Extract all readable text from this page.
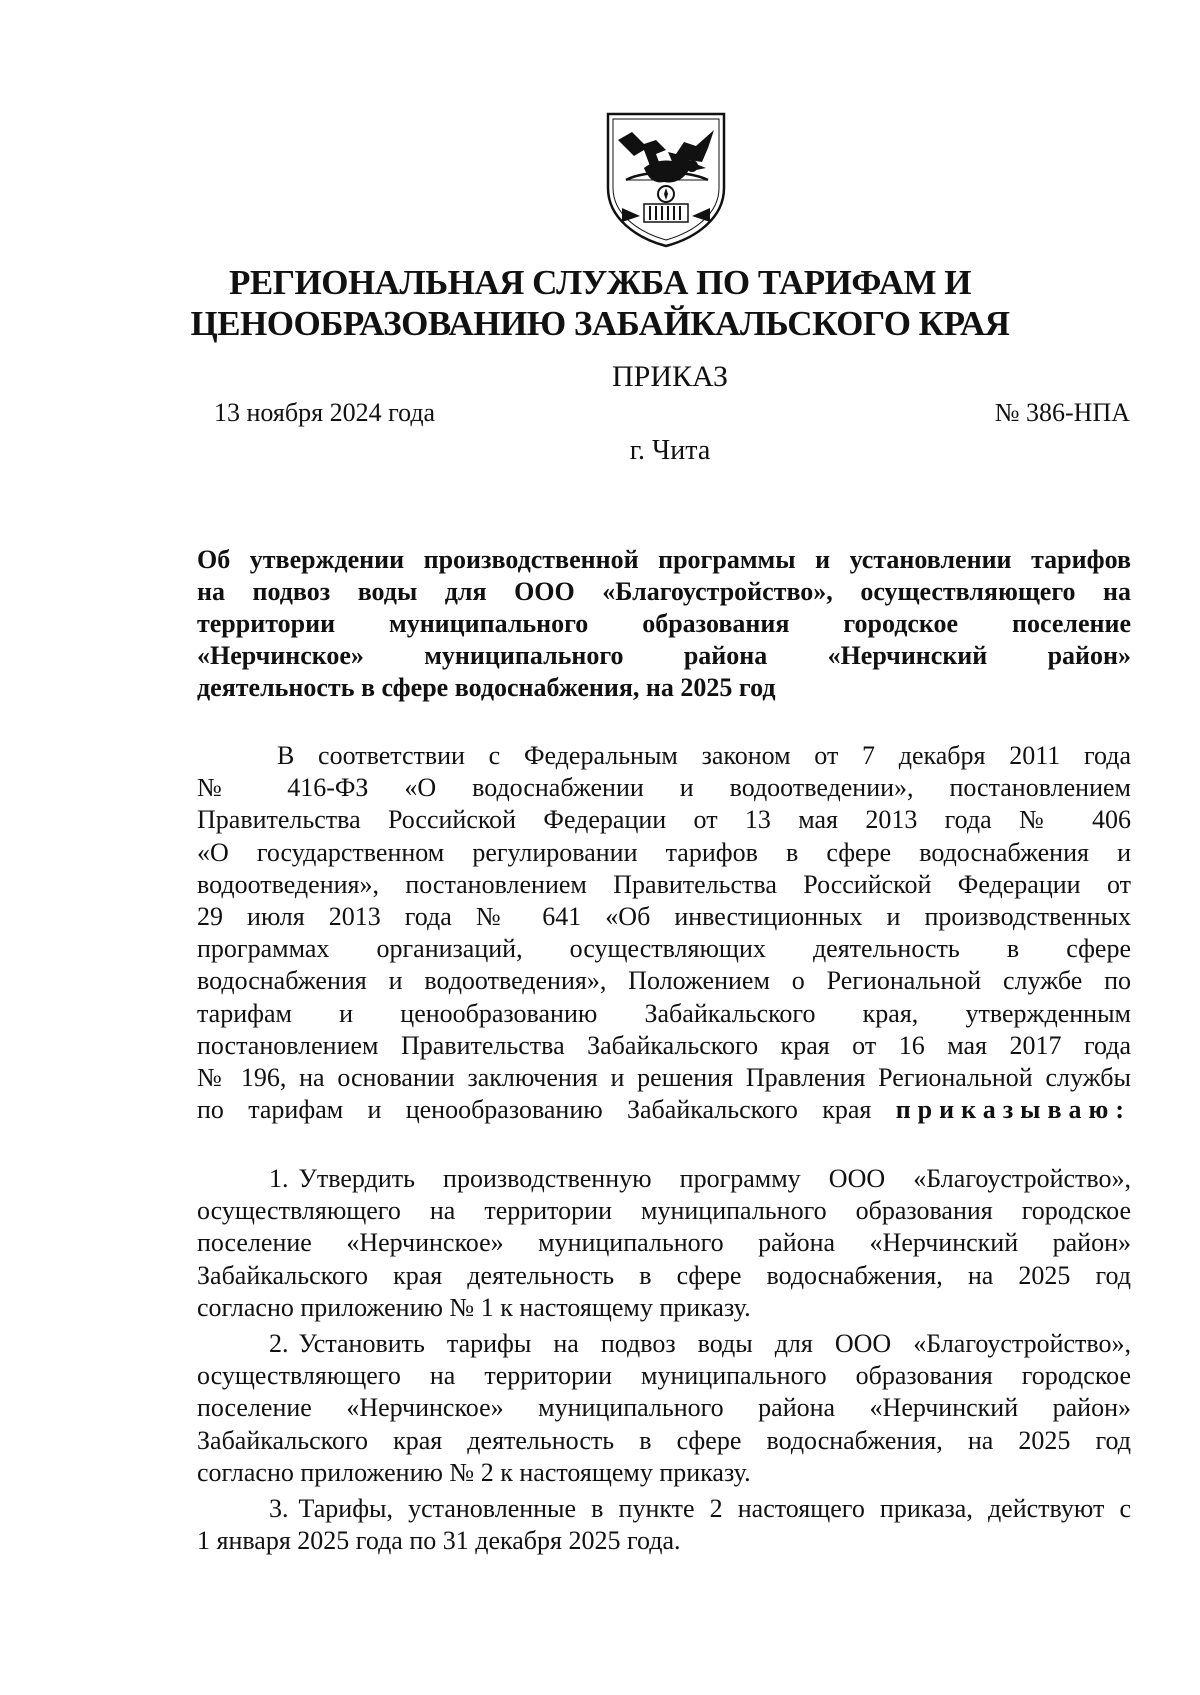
РЕГИОНАЛЬНАЯ СЛУЖБА ПО ТАРИФАМ И
ЦЕНООБРАЗОВАНИЮ ЗАБАЙКАЛЬСКОГО КРАЯ
ПРИКАЗ
13 ноября 2024 года	№ 386-НПА
г. Чита
Об утверждении производственной программы и установлении тарифов
на подвоз воды для ООО «Благоустройство», осуществляющего на
территории муниципального образования городское поселение
«Нерчинское» муниципального района «Нерчинский район»
деятельность в сфере водоснабжения, на 2025 год
В соответствии с Федеральным законом от 7 декабря 2011 года
№ 416-ФЗ «О водоснабжении и водоотведении», постановлением
Правительства Российской Федерации от 13 мая 2013 года № 406
«О государственном регулировании тарифов в сфере водоснабжения и
водоотведения», постановлением Правительства Российской Федерации от
29 июля 2013 года № 641 «Об инвестиционных и производственных
программах организаций, осуществляющих деятельность в сфере
водоснабжения и водоотведения», Положением о Региональной службе по
тарифам и ценообразованию Забайкальского края, утвержденным
постановлением Правительства Забайкальского края от 16 мая 2017 года
№ 196, на основании заключения и решения Правления Региональной службы
по тарифам и ценообразованию Забайкальского края приказываю:
1. Утвердить производственную программу ООО «Благоустройство»,
осуществляющего на территории муниципального образования городское
поселение «Нерчинское» муниципального района «Нерчинский район»
Забайкальского края деятельность в сфере водоснабжения, на 2025 год
согласно приложению № 1 к настоящему приказу.
2. Установить тарифы на подвоз воды для ООО «Благоустройство»,
осуществляющего на территории муниципального образования городское
поселение «Нерчинское» муниципального района «Нерчинский район»
Забайкальского края деятельность в сфере водоснабжения, на 2025 год
согласно приложению № 2 к настоящему приказу.
3. Тарифы, установленные в пункте 2 настоящего приказа, действуют с
1 января 2025 года по 31 декабря 2025 года.
